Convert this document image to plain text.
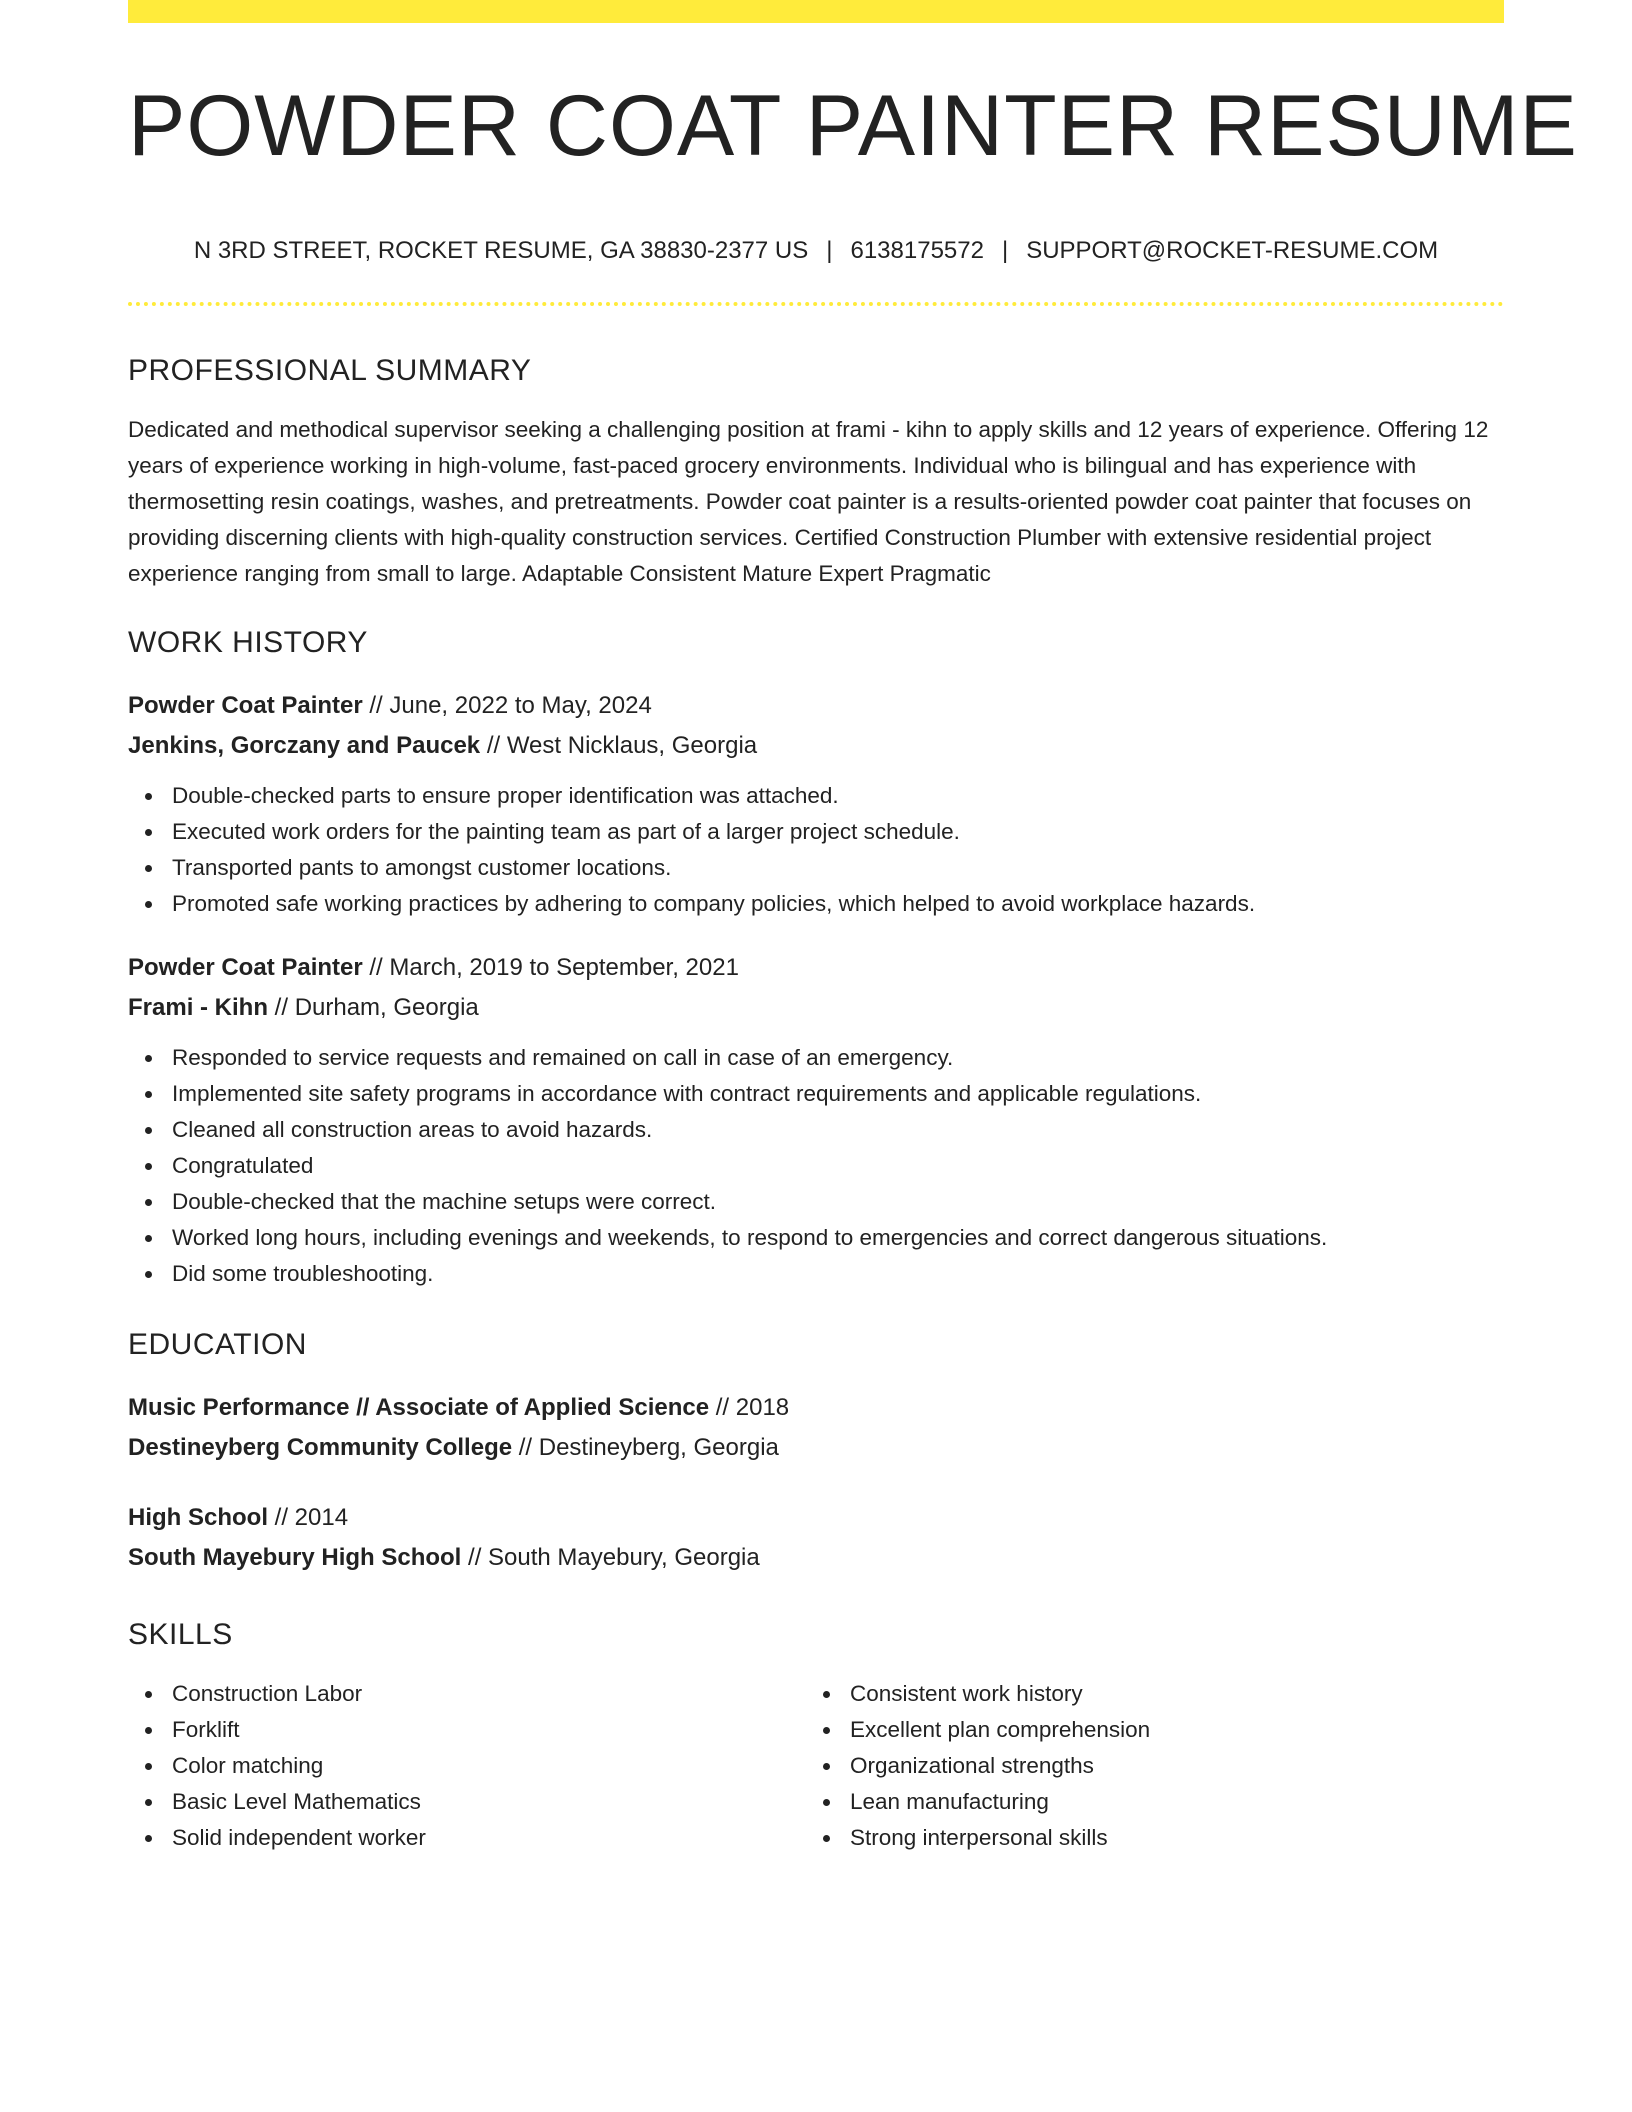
POWDER COAT PAINTER RESUME
N 3RD STREET, ROCKET RESUME, GA 38830-2377 US | 6138175572 | SUPPORT@ROCKET-RESUME.COM
PROFESSIONAL SUMMARY

Dedicated and methodical supervisor seeking a challenging position at frami - kihn to apply skills and 12 years of experience. Offering 12 years of experience working in high-volume, fast-paced grocery environments. Individual who is bilingual and has experience with thermosetting resin coatings, washes, and pretreatments. Powder coat painter is a results-oriented powder coat painter that focuses on providing discerning clients with high-quality construction services. Certified Construction Plumber with extensive residential project experience ranging from small to large. Adaptable Consistent Mature Expert Pragmatic

WORK HISTORY
Powder Coat Painter // June, 2022 to May, 2024
Jenkins, Gorczany and Paucek // West Nicklaus, Georgia
Double-checked parts to ensure proper identification was attached.
Executed work orders for the painting team as part of a larger project schedule.
Transported pants to amongst customer locations.
Promoted safe working practices by adhering to company policies, which helped to avoid workplace hazards.
Powder Coat Painter // March, 2019 to September, 2021
Frami - Kihn // Durham, Georgia
Responded to service requests and remained on call in case of an emergency.
Implemented site safety programs in accordance with contract requirements and applicable regulations.
Cleaned all construction areas to avoid hazards.
Congratulated
Double-checked that the machine setups were correct.
Worked long hours, including evenings and weekends, to respond to emergencies and correct dangerous situations.
Did some troubleshooting.
EDUCATION
Music Performance // Associate of Applied Science // 2018
Destineyberg Community College // Destineyberg, Georgia
High School // 2014
South Mayebury High School // South Mayebury, Georgia
SKILLS
Construction Labor
Forklift
Color matching
Basic Level Mathematics
Solid independent worker
Consistent work history
Excellent plan comprehension
Organizational strengths
Lean manufacturing
Strong interpersonal skills
